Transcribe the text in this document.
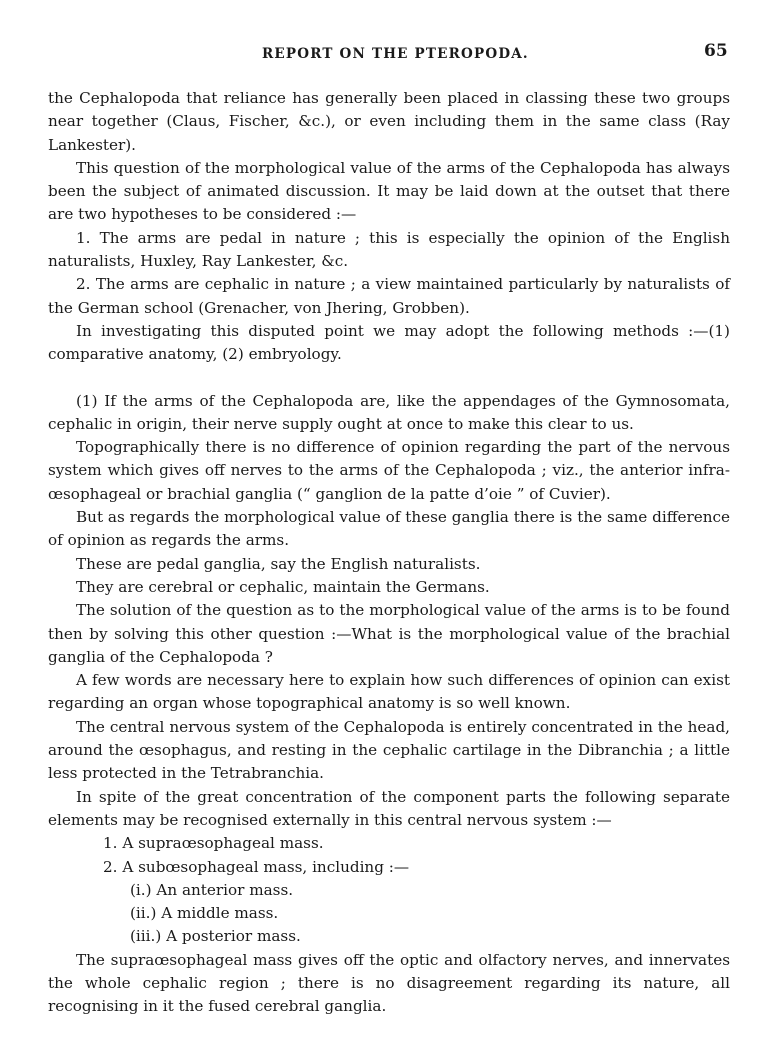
REPORT ON THE PTEROPODA.	65

the Cephalopoda that reliance has generally been placed in classing these two groups near together (Claus, Fischer, &c.), or even including them in the same class (Ray Lankester).

This question of the morphological value of the arms of the Cephalopoda has always been the subject of animated discussion. It may be laid down at the outset that there are two hypotheses to be considered :—

1. The arms are pedal in nature ; this is especially the opinion of the English naturalists, Huxley, Ray Lankester, &c.

2. The arms are cephalic in nature ; a view maintained particularly by naturalists of the German school (Grenacher, von Jhering, Grobben).

In investigating this disputed point we may adopt the following methods :—(1) comparative anatomy, (2) embryology.

(1) If the arms of the Cephalopoda are, like the appendages of the Gymnosomata, cephalic in origin, their nerve supply ought at once to make this clear to us.

Topographically there is no difference of opinion regarding the part of the nervous system which gives off nerves to the arms of the Cephalopoda ; viz., the anterior infra-œsophageal or brachial ganglia (“ ganglion de la patte d’oie ” of Cuvier).

But as regards the morphological value of these ganglia there is the same difference of opinion as regards the arms.

These are pedal ganglia, say the English naturalists.

They are cerebral or cephalic, maintain the Germans.

The solution of the question as to the morphological value of the arms is to be found then by solving this other question :—What is the morphological value of the brachial ganglia of the Cephalopoda ?

A few words are necessary here to explain how such differences of opinion can exist regarding an organ whose topographical anatomy is so well known.

The central nervous system of the Cephalopoda is entirely concentrated in the head, around the œsophagus, and resting in the cephalic cartilage in the Dibranchia ; a little less protected in the Tetrabranchia.

In spite of the great concentration of the component parts the following separate elements may be recognised externally in this central nervous system :—

1. A supraœsophageal mass.
2. A subœsophageal mass, including :—
(i.) An anterior mass.
(ii.) A middle mass.
(iii.) A posterior mass.

The supraœsophageal mass gives off the optic and olfactory nerves, and innervates the whole cephalic region ; there is no disagreement regarding its nature, all recognising in it the fused cerebral ganglia.
